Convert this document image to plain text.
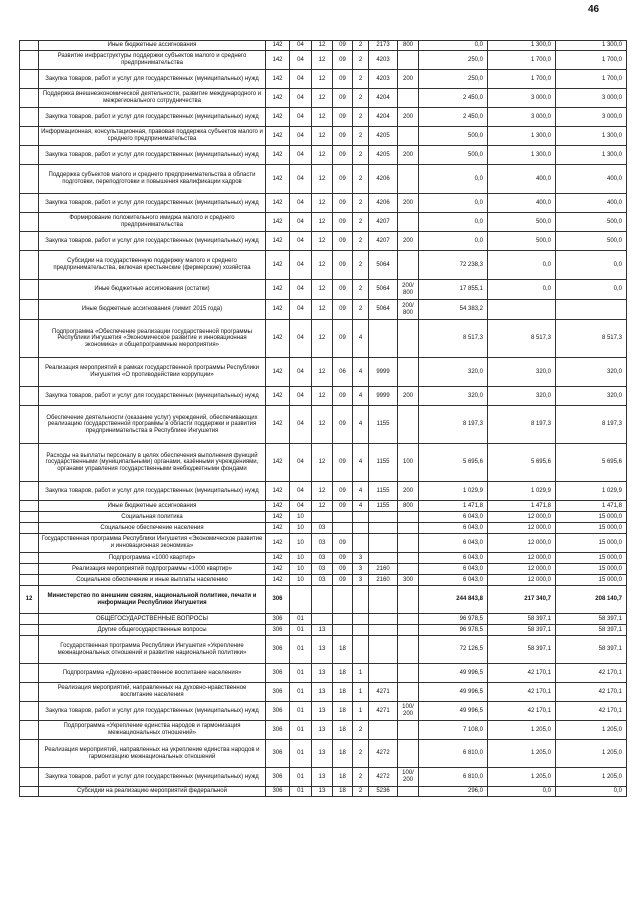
46
	Иные бюджетные ассигнования	142	04	12	09	2	2173	800	0,0	1 300,0	1 300,0
	Развитие инфраструктуры поддержки субъектов малого и среднего предпринимательства	142	04	12	09	2	4203		250,0	1 700,0	1 700,0
	Закупка товаров, работ и услуг для государственных (муниципальных) нужд	142	04	12	09	2	4203	200	250,0	1 700,0	1 700,0
	Поддержка внешнеэкономической деятельности, развитие международного и межрегионального сотрудничества	142	04	12	09	2	4204		2 450,0	3 000,0	3 000,0
	Закупка товаров, работ и услуг для государственных (муниципальных) нужд	142	04	12	09	2	4204	200	2 450,0	3 000,0	3 000,0
	Информационная, консультационная, правовая поддержка субъектов малого и среднего предпринимательства	142	04	12	09	2	4205		500,0	1 300,0	1 300,0
	Закупка товаров, работ и услуг для государственных (муниципальных) нужд	142	04	12	09	2	4205	200	500,0	1 300,0	1 300,0
	Поддержка субъектов малого и среднего предпринимательства в области подготовки, переподготовки и повышения квалификации кадров	142	04	12	09	2	4206		0,0	400,0	400,0
	Закупка товаров, работ и услуг для государственных (муниципальных) нужд	142	04	12	09	2	4206	200	0,0	400,0	400,0
	Формирование положительного имиджа малого и среднего предпринимательства	142	04	12	09	2	4207		0,0	500,0	500,0
	Закупка товаров, работ и услуг для государственных (муниципальных) нужд	142	04	12	09	2	4207	200	0,0	500,0	500,0
	Субсидии на государственную поддержку малого и среднего предпринимательства, включая крестьянские (фермерские) хозяйства	142	04	12	09	2	5064		72 238,3	0,0	0,0
	Иные бюджетные ассигнования (остатки)	142	04	12	09	2	5064	200/ 800	17 855,1	0,0	0,0
	Иные бюджетные ассигнования (лимит 2015 года)	142	04	12	09	2	5064	200/ 800	54 383,2		
	Подпрограмма «Обеспечение реализации государственной программы Республики Ингушетия «Экономическое развитие и инновационная экономика» и общепрограммные мероприятия»	142	04	12	09	4			8 517,3	8 517,3	8 517,3
	Реализация мероприятий в рамках государственной программы Республики Ингушетия «О противодействии коррупции»	142	04	12	06	4	9999		320,0	320,0	320,0
	Закупка товаров, работ и услуг для государственных (муниципальных) нужд	142	04	12	09	4	9999	200	320,0	320,0	320,0
	Обеспечение деятельности (оказание услуг) учреждений, обеспечивающих реализацию государственной программы в области поддержки и развития предпринимательства в Республике Ингушетия	142	04	12	09	4	1155		8 197,3	8 197,3	8 197,3
	Расходы на выплаты персоналу в целях обеспечения выполнения функций государственными (муниципальными) органами, казёнными учреждениями, органами управления государственными внебюджетными фондами	142	04	12	09	4	1155	100	5 695,6	5 695,6	5 695,6
	Закупка товаров, работ и услуг для государственных (муниципальных) нужд	142	04	12	09	4	1155	200	1 029,9	1 029,9	1 029,9
	Иные бюджетные ассигнования	142	04	12	09	4	1155	800	1 471,8	1 471,8	1 471,8
	Социальная политика	142	10						6 043,0	12 000,0	15 000,0
	Социальное обеспечение населения	142	10	03					6 043,0	12 000,0	15 000,0
	Государственная программа Республики Ингушетия «Экономическое развитие и инновационная экономика»	142	10	03	09				6 043,0	12 000,0	15 000,0
	Подпрограмма «1000 квартир»	142	10	03	09	3			6 043,0	12 000,0	15 000,0
	Реализация мероприятий подпрограммы «1000 квартир»	142	10	03	09	3	2160		6 043,0	12 000,0	15 000,0
	Социальное обеспечение и иные выплаты населению	142	10	03	09	3	2160	300	6 043,0	12 000,0	15 000,0
12	Министерство по внешним связям, национальной политике, печати и информации Республики Ингушетия	306							244 843,8	217 340,7	208 140,7
	ОБЩЕГОСУДАРСТВЕННЫЕ ВОПРОСЫ	306	01						96 978,5	58 397,1	58 397,1
	Другие общегосударственные вопросы	306	01	13					96 978,5	58 397,1	58 397,1
	Государственная программа Республики Ингушетия «Укрепление межнациональных отношений и развитие национальной политики»	306	01	13	18				72 126,5	58 397,1	58 397,1
	Подпрограмма «Духовно-нравственное воспитание населения»	306	01	13	18	1			49 996,5	42 170,1	42 170,1
	Реализация мероприятий, направленных на духовно-нравственное воспитание населения	306	01	13	18	1	4271		49 996,5	42 170,1	42 170,1
	Закупка товаров, работ и услуг для государственных (муниципальных) нужд	306	01	13	18	1	4271	100/ 200	49 996,5	42 170,1	42 170,1
	Подпрограмма «Укрепление единства народов и гармонизация межнациональных отношений»	306	01	13	18	2			7 108,0	1 205,0	1 205,0
	Реализация мероприятий, направленных на укрепление единства народов и гармонизацию межнациональных отношений	306	01	13	18	2	4272		6 810,0	1 205,0	1 205,0
	Закупка товаров, работ и услуг для государственных (муниципальных) нужд	306	01	13	18	2	4272	100/ 200	6 810,0	1 205,0	1 205,0
	Субсидии на реализацию мероприятий федеральной	306	01	13	18	2	5236		296,0	0,0	0,0
